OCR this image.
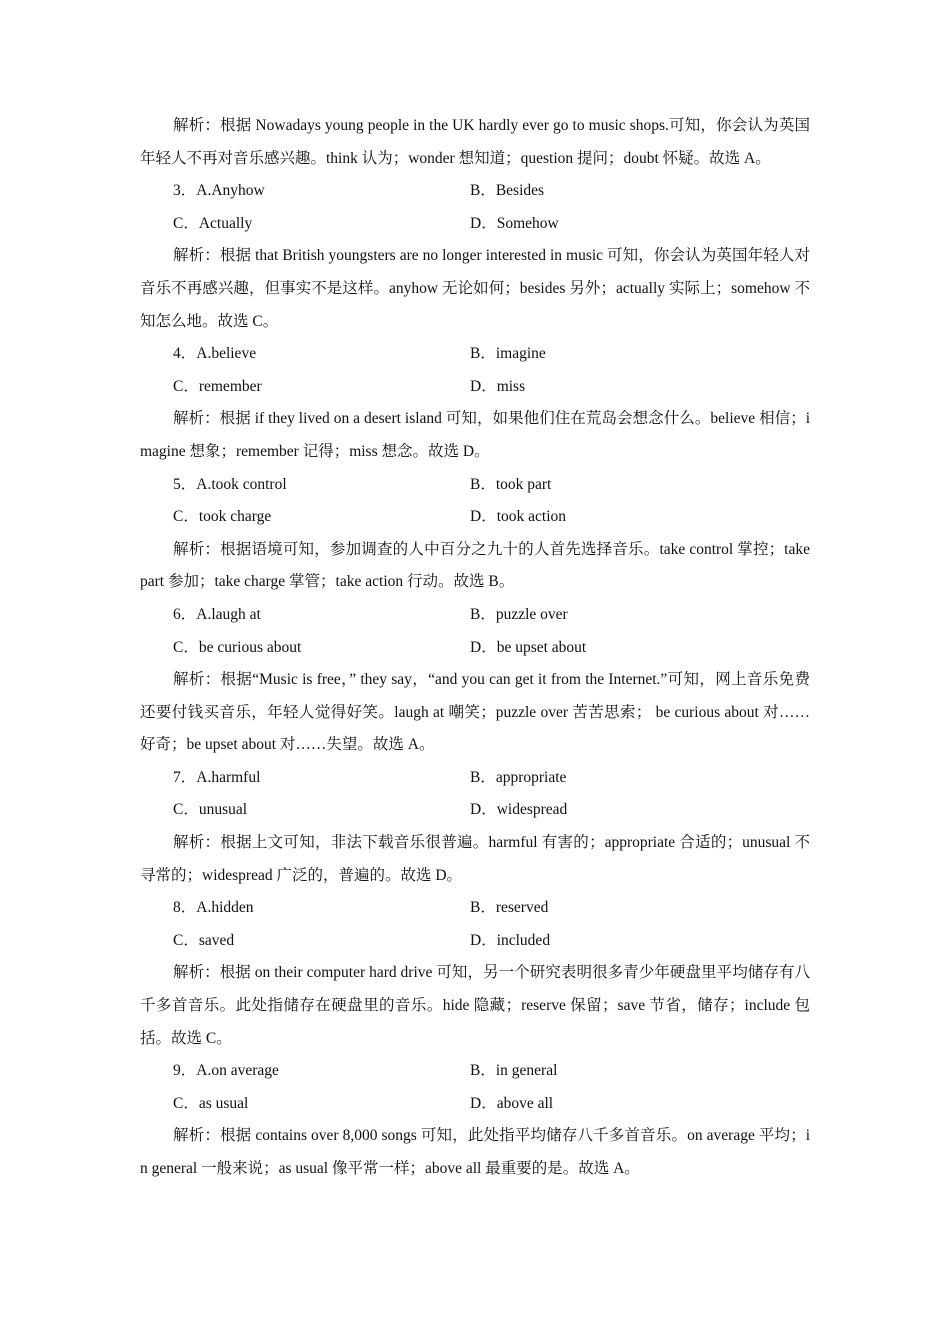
解析：根据 Nowadays young people in the UK hardly ever go to music shops.可知，你会认为英国年轻人不再对音乐感兴趣。think 认为；wonder 想知道；question 提问；doubt 怀疑。故选 A。

3．A.Anyhow	B．Besides
C．Actually	D．Somehow

解析：根据 that British youngsters are no longer interested in music 可知，你会认为英国年轻人对音乐不再感兴趣，但事实不是这样。anyhow 无论如何；besides 另外；actually 实际上；somehow 不知怎么地。故选 C。

4．A.believe	B．imagine
C．remember	D．miss

解析：根据 if they lived on a desert island 可知，如果他们住在荒岛会想念什么。believe 相信；imagine 想象；remember 记得；miss 想念。故选 D。

5．A.took control	B．took part
C．took charge	D．took action

解析：根据语境可知，参加调查的人中百分之九十的人首先选择音乐。take control 掌控；take part 参加；take charge 掌管；take action 行动。故选 B。

6．A.laugh at	B．puzzle over
C．be curious about	D．be upset about

解析：根据“Music is free，” they say，“and you can get it from the Internet.”可知，网上音乐免费还要付钱买音乐，年轻人觉得好笑。laugh at 嘲笑；puzzle over 苦苦思索； be curious about 对……好奇；be upset about 对……失望。故选 A。

7．A.harmful	B．appropriate
C．unusual	D．widespread

解析：根据上文可知，非法下载音乐很普遍。harmful 有害的；appropriate 合适的；unusual 不寻常的；widespread 广泛的，普遍的。故选 D。

8．A.hidden	B．reserved
C．saved	D．included

解析：根据 on their computer hard drive 可知，另一个研究表明很多青少年硬盘里平均储存有八千多首音乐。此处指储存在硬盘里的音乐。hide 隐藏；reserve 保留；save 节省，储存；include 包括。故选 C。

9．A.on average	B．in general
C．as usual	D．above all

解析：根据 contains over 8,000 songs 可知，此处指平均储存八千多首音乐。on average 平均；in general 一般来说；as usual 像平常一样；above all 最重要的是。故选 A。
